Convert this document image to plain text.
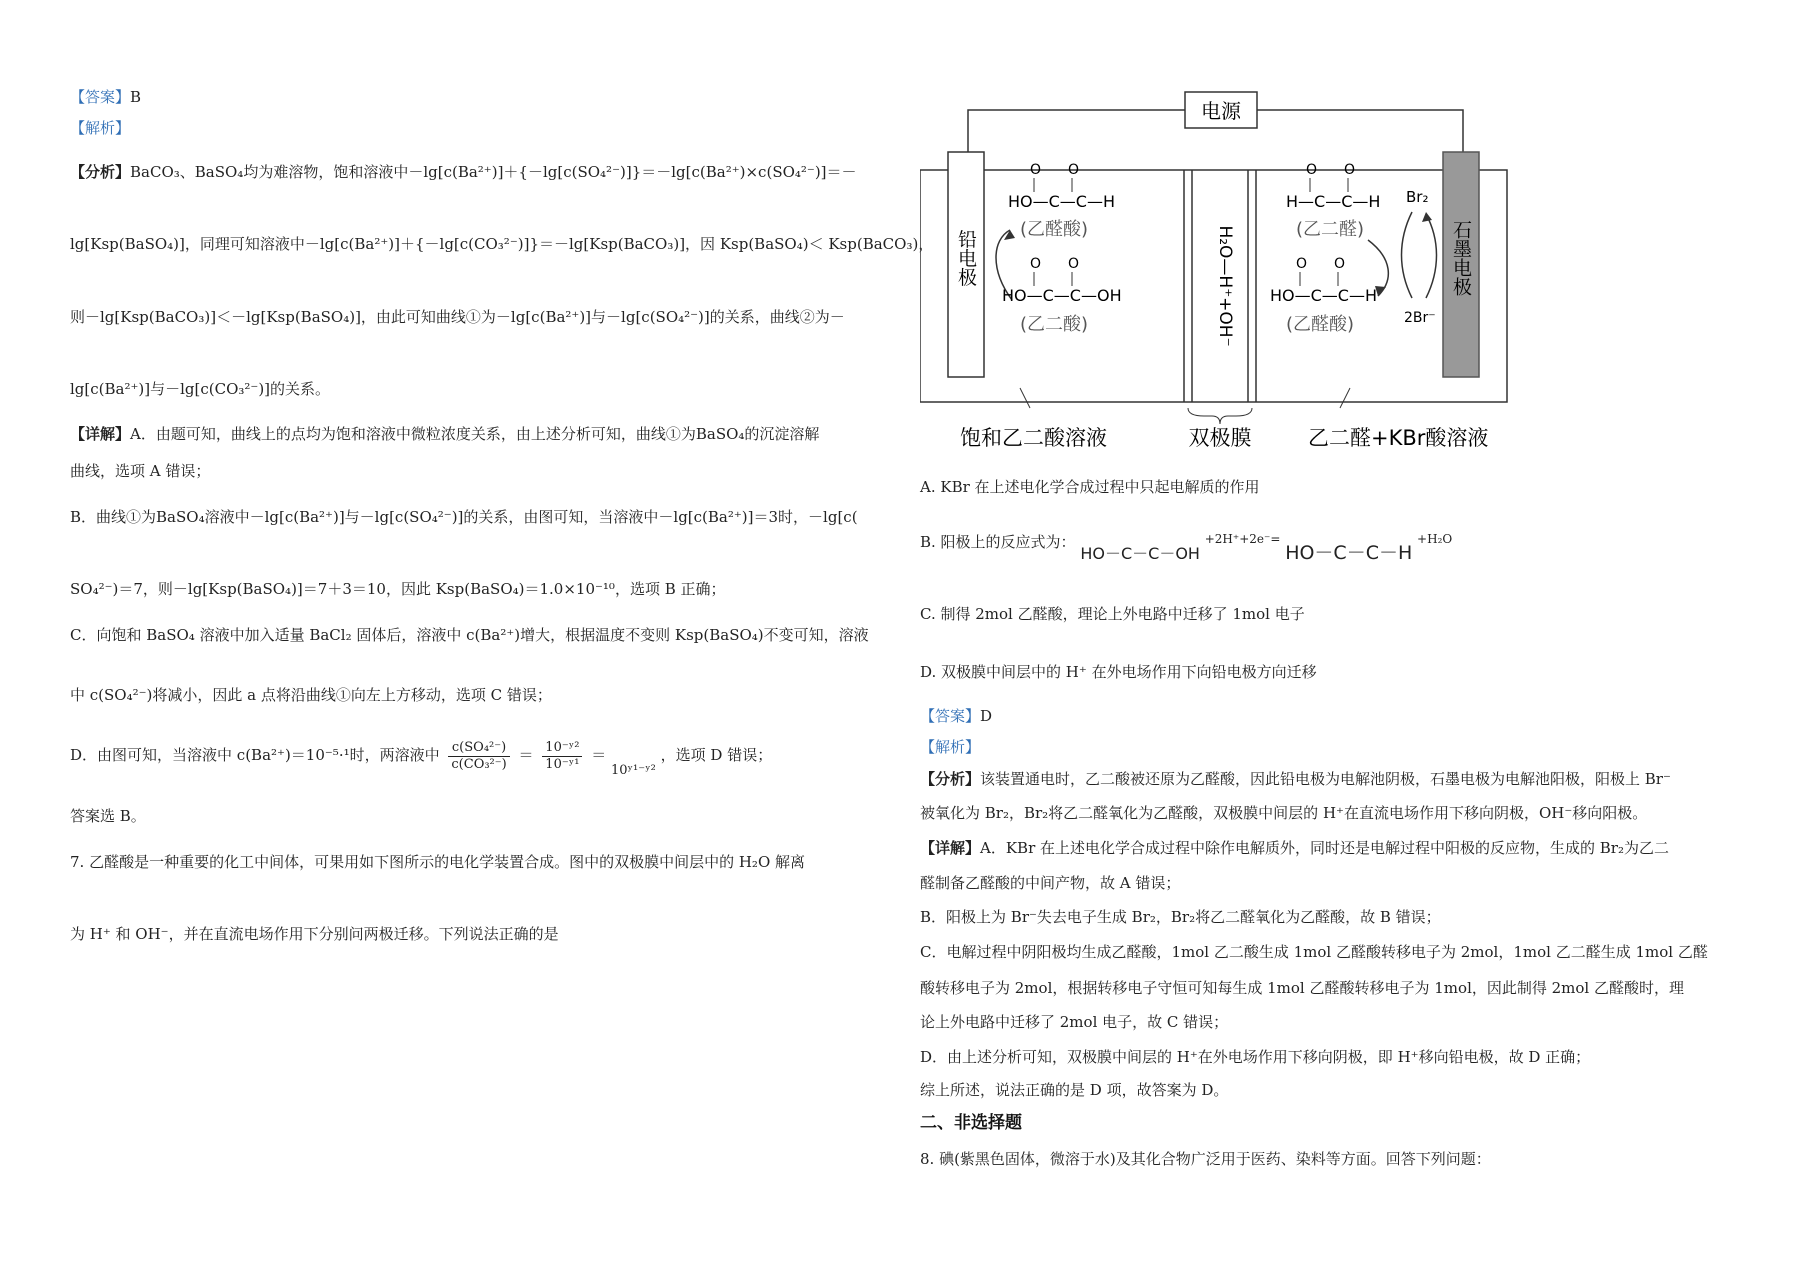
【答案】B
【解析】
【分析】BaCO₃、BaSO₄均为难溶物，饱和溶液中－lg[c(Ba²⁺)]＋{－lg[c(SO₄²⁻)]}＝－lg[c(Ba²⁺)×c(SO₄²⁻)]＝－
lg[Ksp(BaSO₄)]，同理可知溶液中－lg[c(Ba²⁺)]＋{－lg[c(CO₃²⁻)]}＝－lg[Ksp(BaCO₃)]，因 Ksp(BaSO₄)＜ Ksp(BaCO₃)，
则－lg[Ksp(BaCO₃)]＜－lg[Ksp(BaSO₄)]，由此可知曲线①为－lg[c(Ba²⁺)]与－lg[c(SO₄²⁻)]的关系，曲线②为－
lg[c(Ba²⁺)]与－lg[c(CO₃²⁻)]的关系。
【详解】A．由题可知，曲线上的点均为饱和溶液中微粒浓度关系，由上述分析可知，曲线①为BaSO₄的沉淀溶解
曲线，选项 A 错误；
B．曲线①为BaSO₄溶液中－lg[c(Ba²⁺)]与－lg[c(SO₄²⁻)]的关系，由图可知，当溶液中－lg[c(Ba²⁺)]＝3时，－lg[c(
SO₄²⁻)＝7，则－lg[Ksp(BaSO₄)]＝7＋3＝10，因此 Ksp(BaSO₄)＝1.0×10⁻¹⁰，选项 B 正确；
C．向饱和 BaSO₄ 溶液中加入适量 BaCl₂ 固体后，溶液中 c(Ba²⁺)增大，根据温度不变则 Ksp(BaSO₄)不变可知，溶液
中 c(SO₄²⁻)将减小，因此 a 点将沿曲线①向左上方移动，选项 C 错误；
D．由图可知，当溶液中 c(Ba²⁺)＝10⁻⁵·¹时，两溶液中 $\frac{\text{c(SO₄²⁻)}}{\text{c(CO₃²⁻)}} = \frac{\text{10⁻ʸ²}}{\text{10⁻ʸ¹}}$ ＝ 10ʸ¹⁻ʸ² ，选项 D 错误；
答案选 B。
7. 乙醛酸是一种重要的化工中间体，可果用如下图所示的电化学装置合成。图中的双极膜中间层中的 H₂O 解离
为 H⁺ 和 OH⁻，并在直流电场作用下分别问两极迁移。下列说法正确的是
电源
H₂O—H⁺+OH⁻
铅电极	石墨电极
O O
HO—C—C—H
(乙醛酸)
O O
HO—C—C—OH
(乙二酸)
O O
H—C—C—H
(乙二醛)
Br₂
2Br⁻
O O
HO—C—C—H
(乙醛酸)
饱和乙二酸溶液	双极膜	乙二醛+KBr酸溶液
A. KBr 在上述电化学合成过程中只起电解质的作用
B. 阳极上的反应式为： HO－C－C－OH $^{+2H^++2e^-=}$ HO－C－C－H $^{+H_2O}$
C. 制得 2mol 乙醛酸，理论上外电路中迁移了 1mol 电子
D. 双极膜中间层中的 H⁺ 在外电场作用下向铅电极方向迁移
【答案】D
【解析】
【分析】该装置通电时，乙二酸被还原为乙醛酸，因此铅电极为电解池阴极，石墨电极为电解池阳极，阳极上 Br⁻
被氧化为 Br₂，Br₂将乙二醛氧化为乙醛酸，双极膜中间层的 H⁺在直流电场作用下移向阴极，OH⁻移向阳极。
【详解】A．KBr 在上述电化学合成过程中除作电解质外，同时还是电解过程中阳极的反应物，生成的 Br₂为乙二
醛制备乙醛酸的中间产物，故 A 错误；
B．阳极上为 Br⁻失去电子生成 Br₂，Br₂将乙二醛氧化为乙醛酸，故 B 错误；
C．电解过程中阴阳极均生成乙醛酸，1mol 乙二酸生成 1mol 乙醛酸转移电子为 2mol，1mol 乙二醛生成 1mol 乙醛
酸转移电子为 2mol，根据转移电子守恒可知每生成 1mol 乙醛酸转移电子为 1mol，因此制得 2mol 乙醛酸时，理
论上外电路中迁移了 2mol 电子，故 C 错误；
D．由上述分析可知，双极膜中间层的 H⁺在外电场作用下移向阴极，即 H⁺移向铅电极，故 D 正确；
综上所述，说法正确的是 D 项，故答案为 D。
二、非选择题
8. 碘(紫黑色固体，微溶于水)及其化合物广泛用于医药、染料等方面。回答下列问题：
